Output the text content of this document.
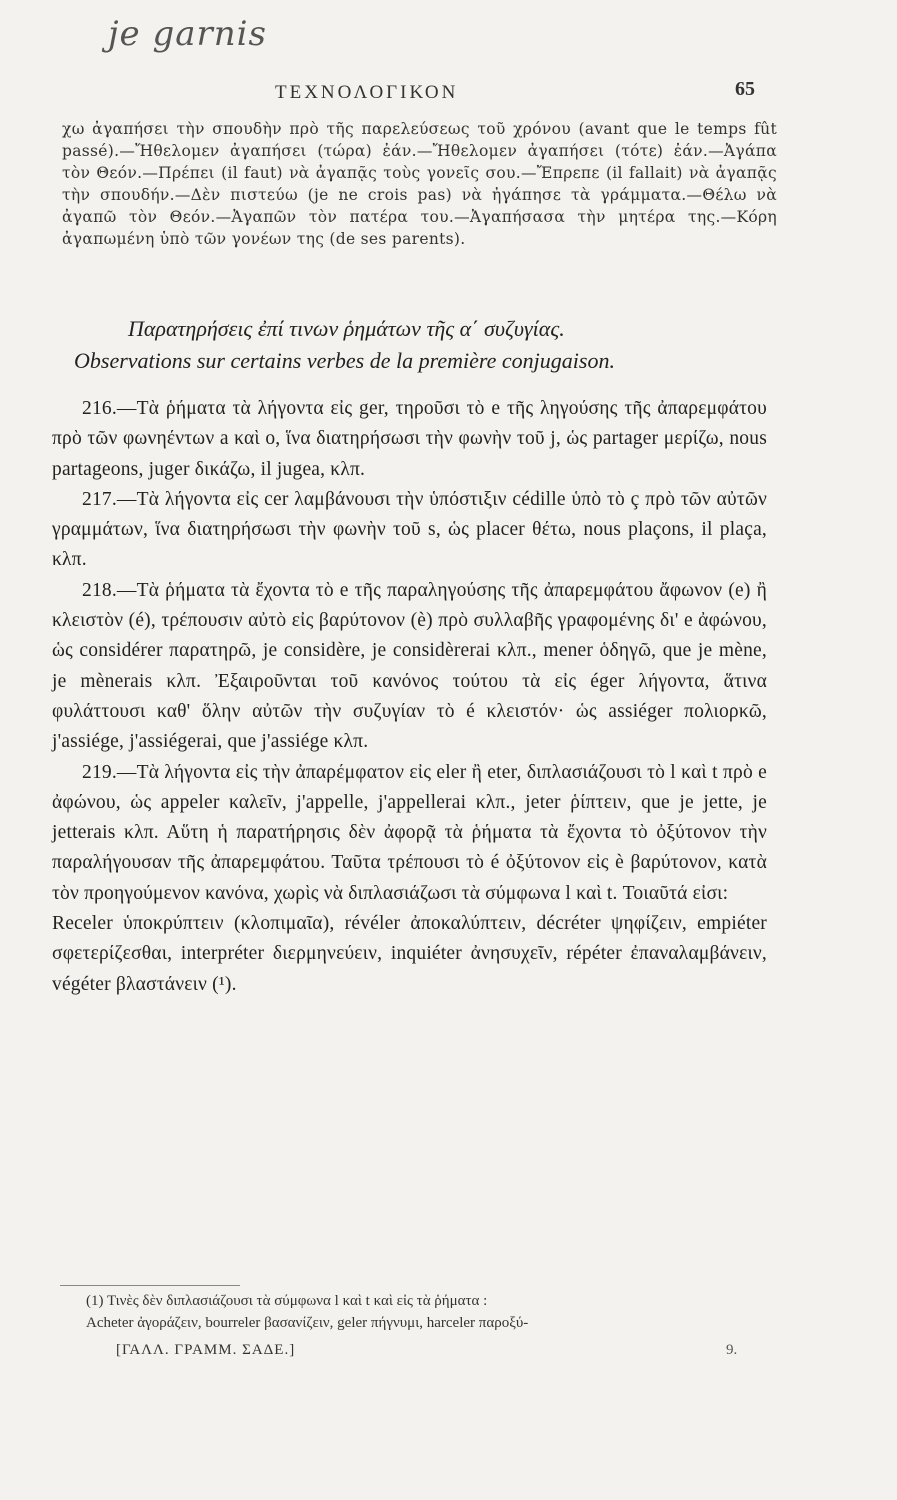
je garnis
ΤΕΧΝΟΛΟΓΙΚΟΝ	65
χω ἀγαπήσει τὴν σπουδὴν πρὸ τῆς παρελεύσεως τοῦ χρόνου (avant que le temps fût passé).—Ἤθελομεν ἀγαπήσει (τώρα) ἐάν.—Ἤθελομεν ἀγαπήσει (τότε) ἐάν.—Ἀγάπα τὸν Θεόν.—Πρέπει (il faut) νὰ ἀγαπᾷς τοὺς γονεῖς σου.—Ἔπρεπε (il fallait) νὰ ἀγαπᾷς τὴν σπουδήν.—Δὲν πιστεύω (je ne crois pas) νὰ ἠγάπησε τὰ γράμματα.—Θέλω νὰ ἀγαπῶ τὸν Θεόν.—Ἀγαπῶν τὸν πατέρα του.—Ἀγαπήσασα τὴν μητέρα της.—Κόρη ἀγαπωμένη ὑπὸ τῶν γονέων της (de ses parents).
Παρατηρήσεις ἐπί τινων ῥημάτων τῆς α΄ συζυγίας.
Observations sur certains verbes de la première conjugaison.

216.—Τὰ ῥήματα τὰ λήγοντα εἰς ger, τηροῦσι τὸ e τῆς ληγούσης τῆς ἀπαρεμφάτου πρὸ τῶν φωνηέντων a καὶ o, ἵνα διατηρήσωσι τὴν φωνὴν τοῦ j, ὡς partager μερίζω, nous partageons, juger δικάζω, il jugea, κλπ.

217.—Τὰ λήγοντα εἰς cer λαμβάνουσι τὴν ὑπόστιξιν cédille ὑπὸ τὸ ç πρὸ τῶν αὐτῶν γραμμάτων, ἵνα διατηρήσωσι τὴν φωνὴν τοῦ s, ὡς placer θέτω, nous plaçons, il plaça, κλπ.

218.—Τὰ ῥήματα τὰ ἔχοντα τὸ e τῆς παραληγούσης τῆς ἀπαρεμφάτου ἄφωνον (e) ἢ κλειστὸν (é), τρέπουσιν αὐτὸ εἰς βαρύτονον (è) πρὸ συλλαβῆς γραφομένης δι' e ἀφώνου, ὡς considérer παρατηρῶ, je considère, je considèrerai κλπ., mener ὁδηγῶ, que je mène, je mènerais κλπ. Ἐξαιροῦνται τοῦ κανόνος τούτου τὰ εἰς éger λήγοντα, ἅτινα φυλάττουσι καθ' ὅλην αὐτῶν τὴν συζυγίαν τὸ é κλειστόν· ὡς assiéger πολιορκῶ, j'assiége, j'assiégerai, que j'assiége κλπ.

219.—Τὰ λήγοντα εἰς τὴν ἀπαρέμφατον εἰς eler ἢ eter, διπλασιάζουσι τὸ l καὶ t πρὸ e ἀφώνου, ὡς appeler καλεῖν, j'appelle, j'appellerai κλπ., jeter ῥίπτειν, que je jette, je jetterais κλπ. Αὕτη ἡ παρατήρησις δὲν ἀφορᾷ τὰ ῥήματα τὰ ἔχοντα τὸ ὀξύτονον τὴν παραλήγουσαν τῆς ἀπαρεμφάτου. Ταῦτα τρέπουσι τὸ é ὀξύτονον εἰς è βαρύτονον, κατὰ τὸν προηγούμενον κανόνα, χωρὶς νὰ διπλασιάζωσι τὰ σύμφωνα l καὶ t. Τοιαῦτά εἰσι:

Receler ὑποκρύπτειν (κλοπιμαῖα), révéler ἀποκαλύπτειν, décréter ψηφίζειν, empiéter σφετερίζεσθαι, interpréter διερμηνεύειν, inquiéter ἀνησυχεῖν, répéter ἐπαναλαμβάνειν, végéter βλαστάνειν (¹).

(1) Τινὲς δὲν διπλασιάζουσι τὰ σύμφωνα l καὶ t καὶ εἰς τὰ ῥήματα :

Acheter ἀγοράζειν, bourreler βασανίζειν, geler πήγνυμι, harceler παροξύ-

[ΓΑΛΛ. ΓΡΑΜΜ. ΣΑΔΕ.]	9.
